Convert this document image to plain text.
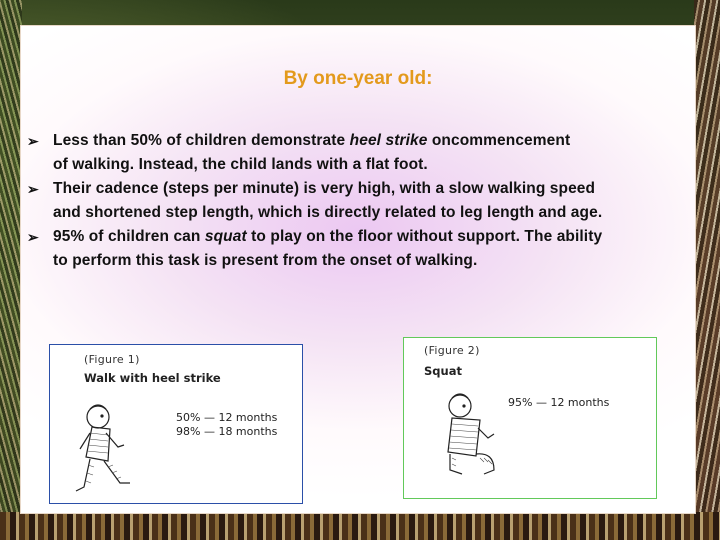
By one-year old:
➢ Less than 50% of children demonstrate heel strike oncommencement
of walking. Instead, the child lands with a flat foot.
➢ Their cadence (steps per minute) is very high, with a slow walking speed
and shortened step length, which is directly related to leg length and age.
➢ 95% of children can squat to play on the floor without support. The ability
to perform this task is present from the onset of walking.
(Figure 1)
Walk with heel strike
50% — 12 months
98% — 18 months
(Figure 2)
Squat
95% — 12 months
